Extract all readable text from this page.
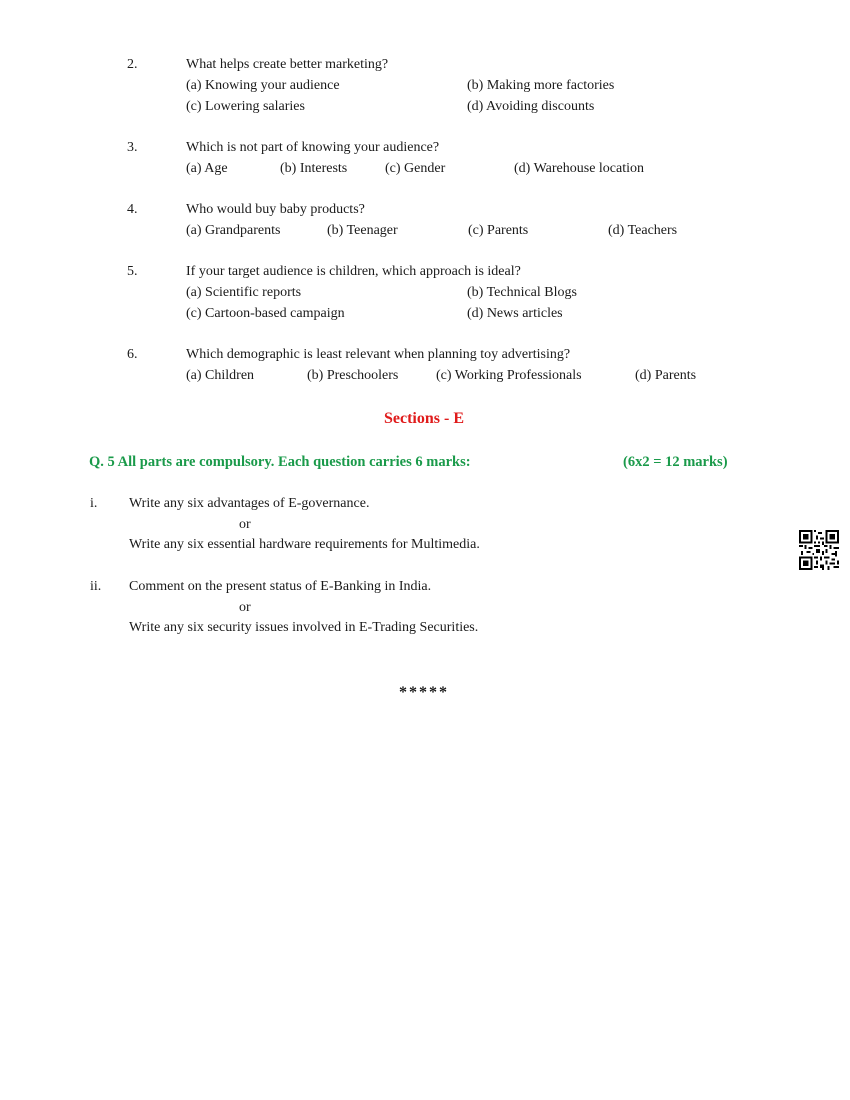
2.	What helps create better marketing?
(a) Knowing your audience	(b) Making more factories
(c) Lowering salaries	(d) Avoiding discounts
3.	Which is not part of knowing your audience?
(a) Age	(b) Interests	(c) Gender	(d) Warehouse location
4.	Who would buy baby products?
(a) Grandparents	(b) Teenager	(c) Parents	(d) Teachers
5.	If your target audience is children, which approach is ideal?
(a) Scientific reports	(b) Technical Blogs
(c) Cartoon-based campaign	(d) News articles
6.	Which demographic is least relevant when planning toy advertising?
(a) Children	(b) Preschoolers	(c) Working Professionals	(d) Parents
Sections - E
Q. 5 All parts are compulsory. Each question carries 6 marks:	(6x2 = 12 marks)
i. Write any six advantages of E-governance.
or
Write any six essential hardware requirements for Multimedia.
ii. Comment on the present status of E-Banking in India.
or
Write any six security issues involved in E-Trading Securities.
*****
